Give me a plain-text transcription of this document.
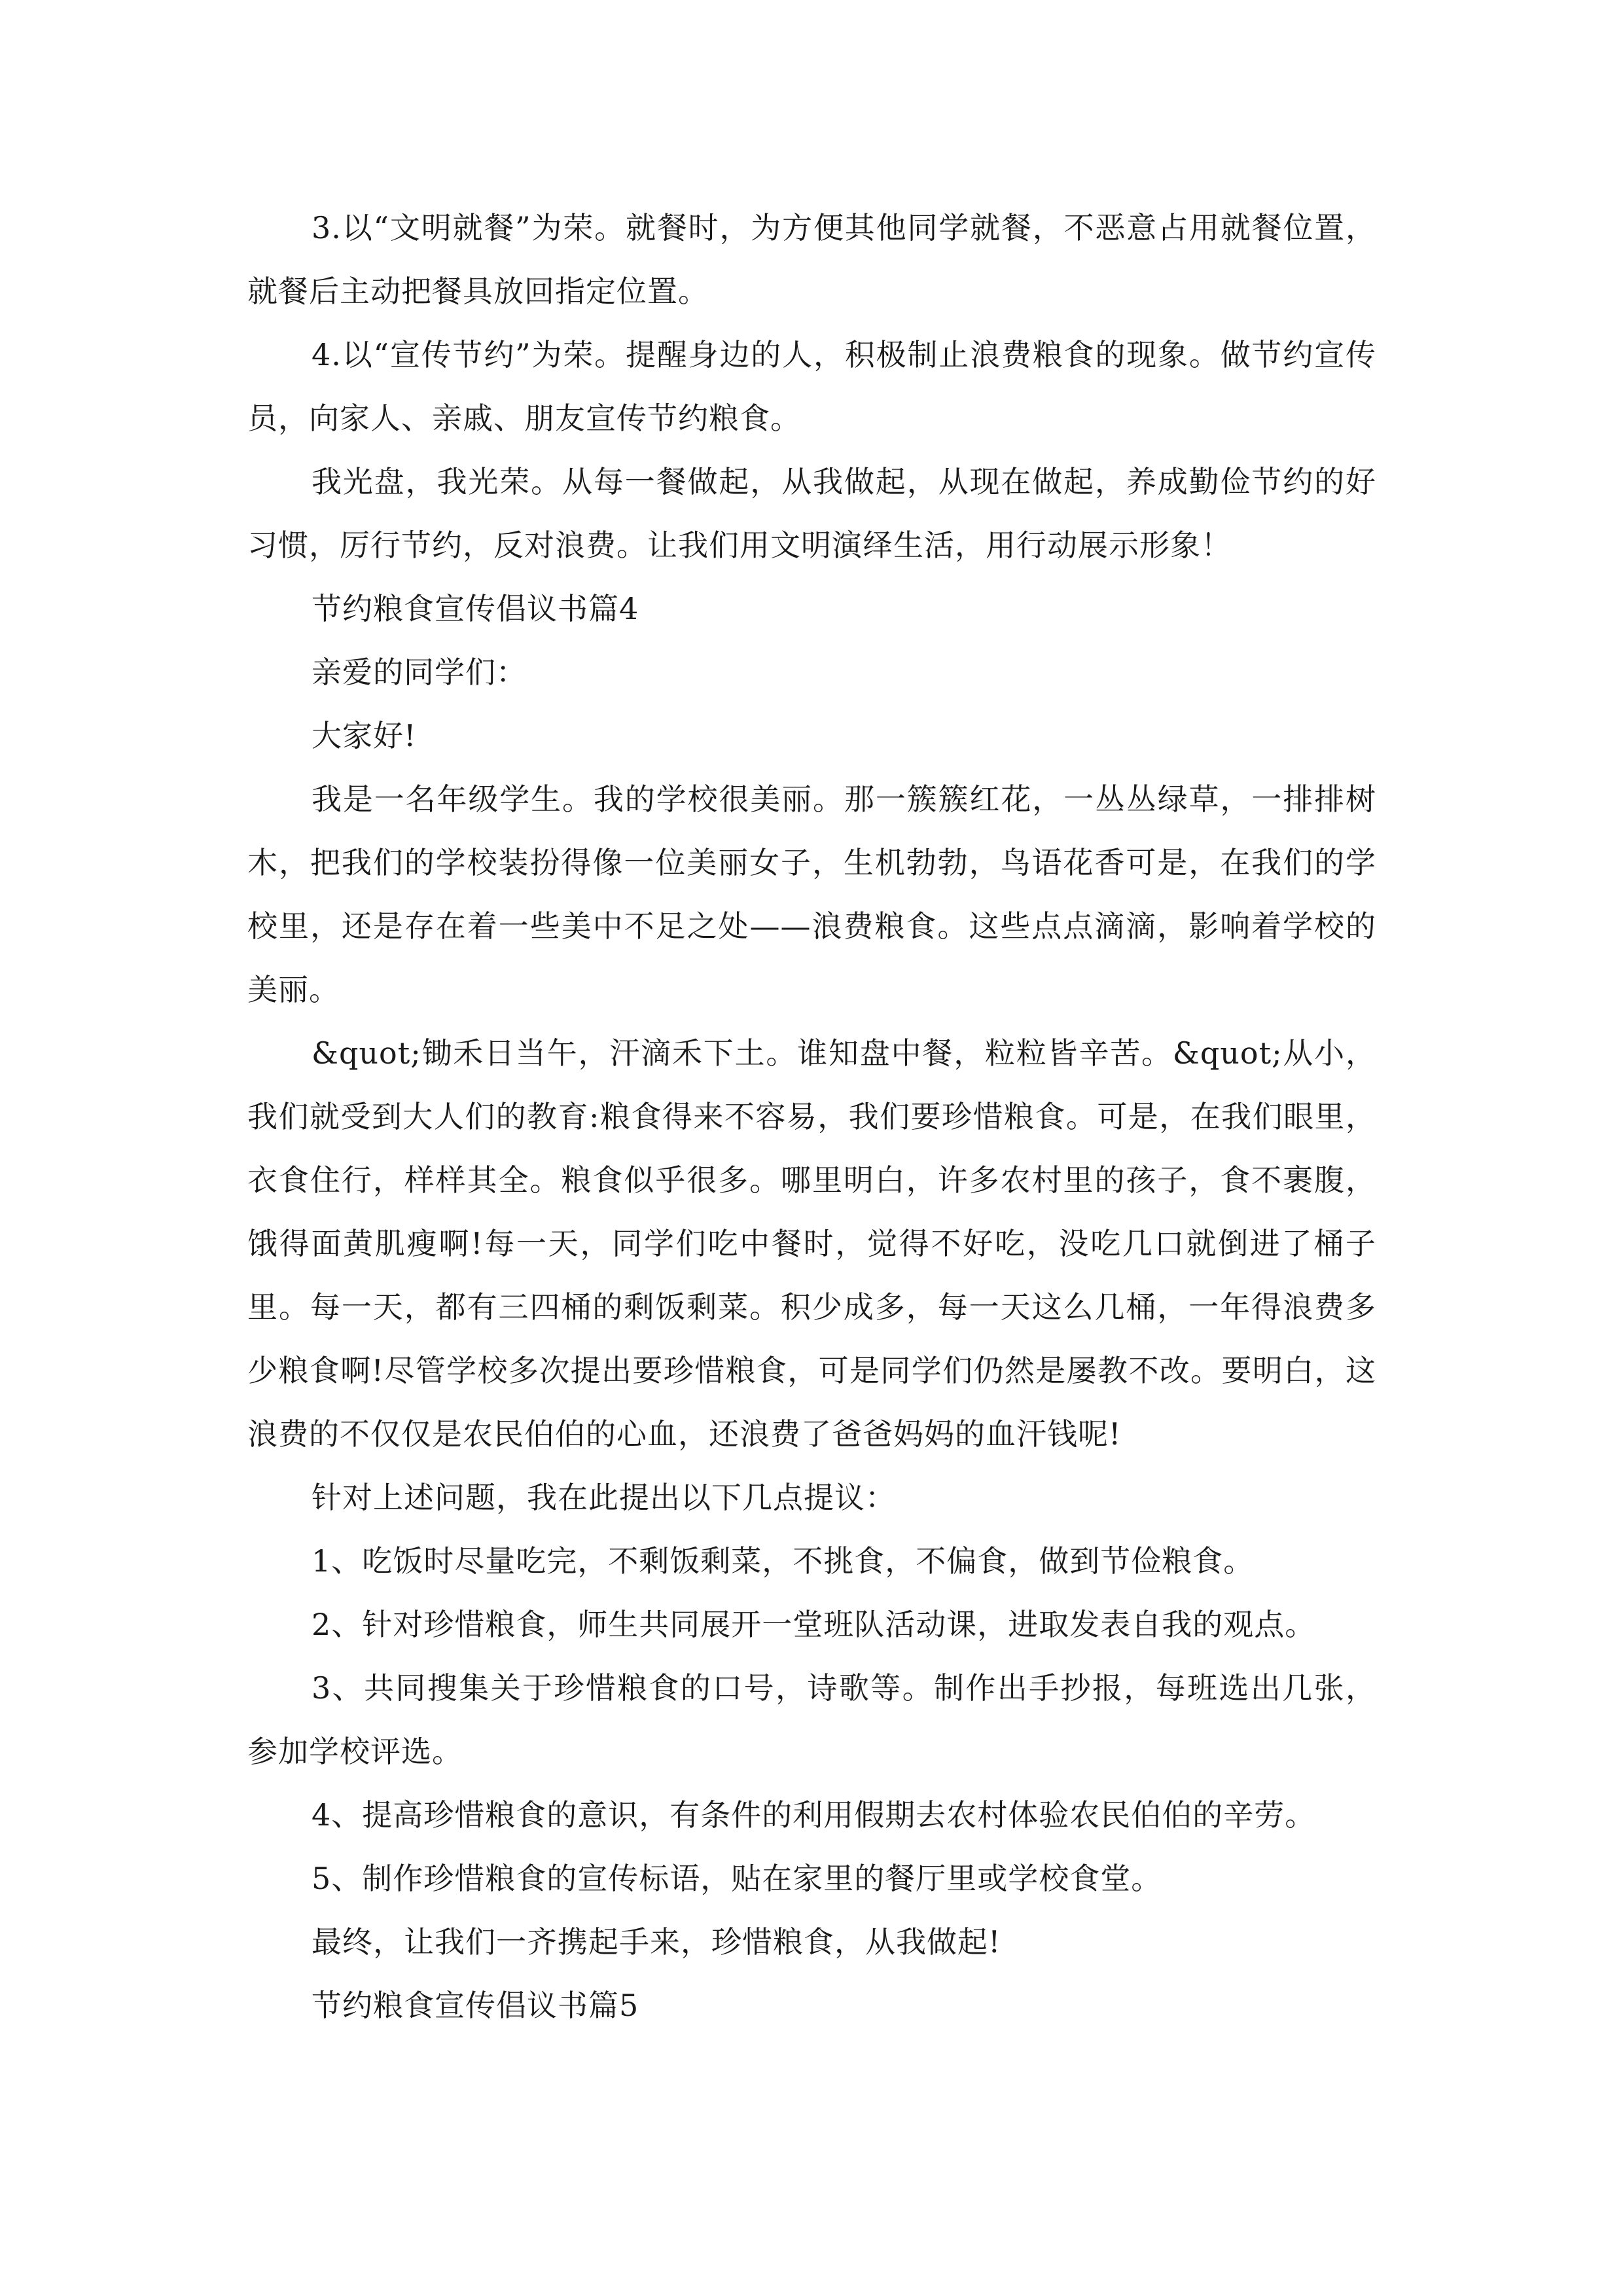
3.以“文明就餐”为荣。就餐时，为方便其他同学就餐，不恶意占用就餐位置，就餐后主动把餐具放回指定位置。

4.以“宣传节约”为荣。提醒身边的人，积极制止浪费粮食的现象。做节约宣传员，向家人、亲戚、朋友宣传节约粮食。

我光盘，我光荣。从每一餐做起，从我做起，从现在做起，养成勤俭节约的好习惯，厉行节约，反对浪费。让我们用文明演绎生活，用行动展示形象！

节约粮食宣传倡议书篇4

亲爱的同学们：

大家好!

我是一名年级学生。我的学校很美丽。那一簇簇红花，一丛丛绿草，一排排树木，把我们的学校装扮得像一位美丽女子，生机勃勃，鸟语花香可是，在我们的学校里，还是存在着一些美中不足之处——浪费粮食。这些点点滴滴，影响着学校的美丽。

&quot;锄禾日当午，汗滴禾下土。谁知盘中餐，粒粒皆辛苦。&quot;从小，我们就受到大人们的教育:粮食得来不容易，我们要珍惜粮食。可是，在我们眼里，衣食住行，样样其全。粮食似乎很多。哪里明白，许多农村里的孩子，食不裹腹，饿得面黄肌瘦啊!每一天，同学们吃中餐时，觉得不好吃，没吃几口就倒进了桶子里。每一天，都有三四桶的剩饭剩菜。积少成多，每一天这么几桶，一年得浪费多少粮食啊!尽管学校多次提出要珍惜粮食，可是同学们仍然是屡教不改。要明白，这浪费的不仅仅是农民伯伯的心血，还浪费了爸爸妈妈的血汗钱呢!

针对上述问题，我在此提出以下几点提议：

1、吃饭时尽量吃完，不剩饭剩菜，不挑食，不偏食，做到节俭粮食。

2、针对珍惜粮食，师生共同展开一堂班队活动课，进取发表自我的观点。

3、共同搜集关于珍惜粮食的口号，诗歌等。制作出手抄报，每班选出几张，参加学校评选。

4、提高珍惜粮食的意识，有条件的利用假期去农村体验农民伯伯的辛劳。

5、制作珍惜粮食的宣传标语，贴在家里的餐厅里或学校食堂。

最终，让我们一齐携起手来，珍惜粮食，从我做起!

节约粮食宣传倡议书篇5
